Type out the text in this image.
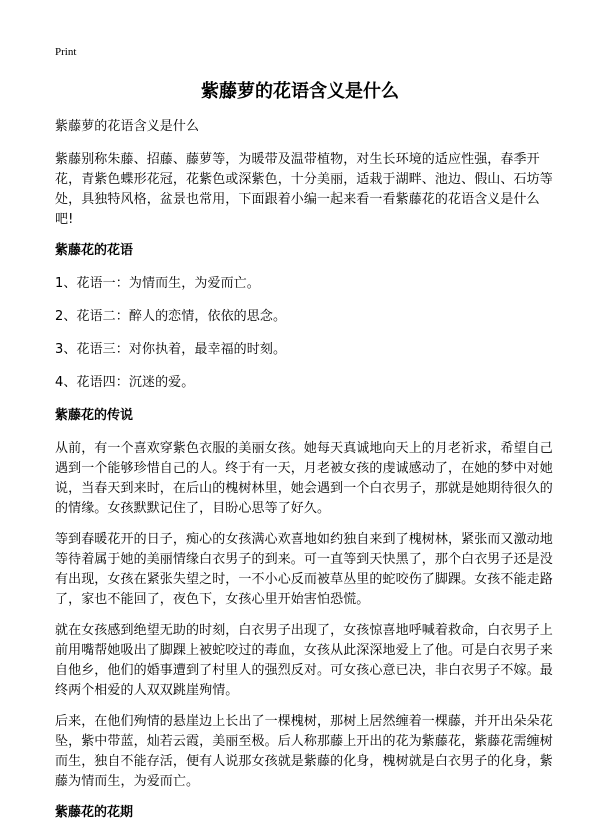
Print
紫藤萝的花语含义是什么

紫藤萝的花语含义是什么

紫藤别称朱藤、招藤、藤萝等，为暖带及温带植物，对生长环境的适应性强，春季开花，青紫色蝶形花冠，花紫色或深紫色，十分美丽，适栽于湖畔、池边、假山、石坊等处，具独特风格，盆景也常用，下面跟着小编一起来看一看紫藤花的花语含义是什么吧!

紫藤花的花语

1、花语一：为情而生，为爱而亡。

2、花语二：醉人的恋情，依依的思念。

3、花语三：对你执着，最幸福的时刻。

4、花语四：沉迷的爱。

紫藤花的传说

从前，有一个喜欢穿紫色衣服的美丽女孩。她每天真诚地向天上的月老祈求，希望自己遇到一个能够珍惜自己的人。终于有一天，月老被女孩的虔诚感动了，在她的梦中对她说，当春天到来时，在后山的槐树林里，她会遇到一个白衣男子，那就是她期待很久的的情缘。女孩默默记住了，目盼心思等了好久。

等到春暖花开的日子，痴心的女孩满心欢喜地如约独自来到了槐树林，紧张而又激动地等待着属于她的美丽情缘白衣男子的到来。可一直等到天快黑了，那个白衣男子还是没有出现，女孩在紧张失望之时，一不小心反而被草丛里的蛇咬伤了脚踝。女孩不能走路了，家也不能回了，夜色下，女孩心里开始害怕恐慌。

就在女孩感到绝望无助的时刻，白衣男子出现了，女孩惊喜地呼喊着救命，白衣男子上前用嘴帮她吸出了脚踝上被蛇咬过的毒血，女孩从此深深地爱上了他。可是白衣男子来自他乡，他们的婚事遭到了村里人的强烈反对。可女孩心意已决，非白衣男子不嫁。最终两个相爱的人双双跳崖殉情。

后来，在他们殉情的悬崖边上长出了一棵槐树，那树上居然缠着一棵藤，并开出朵朵花坠，紫中带蓝，灿若云霞，美丽至极。后人称那藤上开出的花为紫藤花，紫藤花需缠树而生，独自不能存活，便有人说那女孩就是紫藤的化身，槐树就是白衣男子的化身，紫藤为情而生，为爱而亡。

紫藤花的花期
